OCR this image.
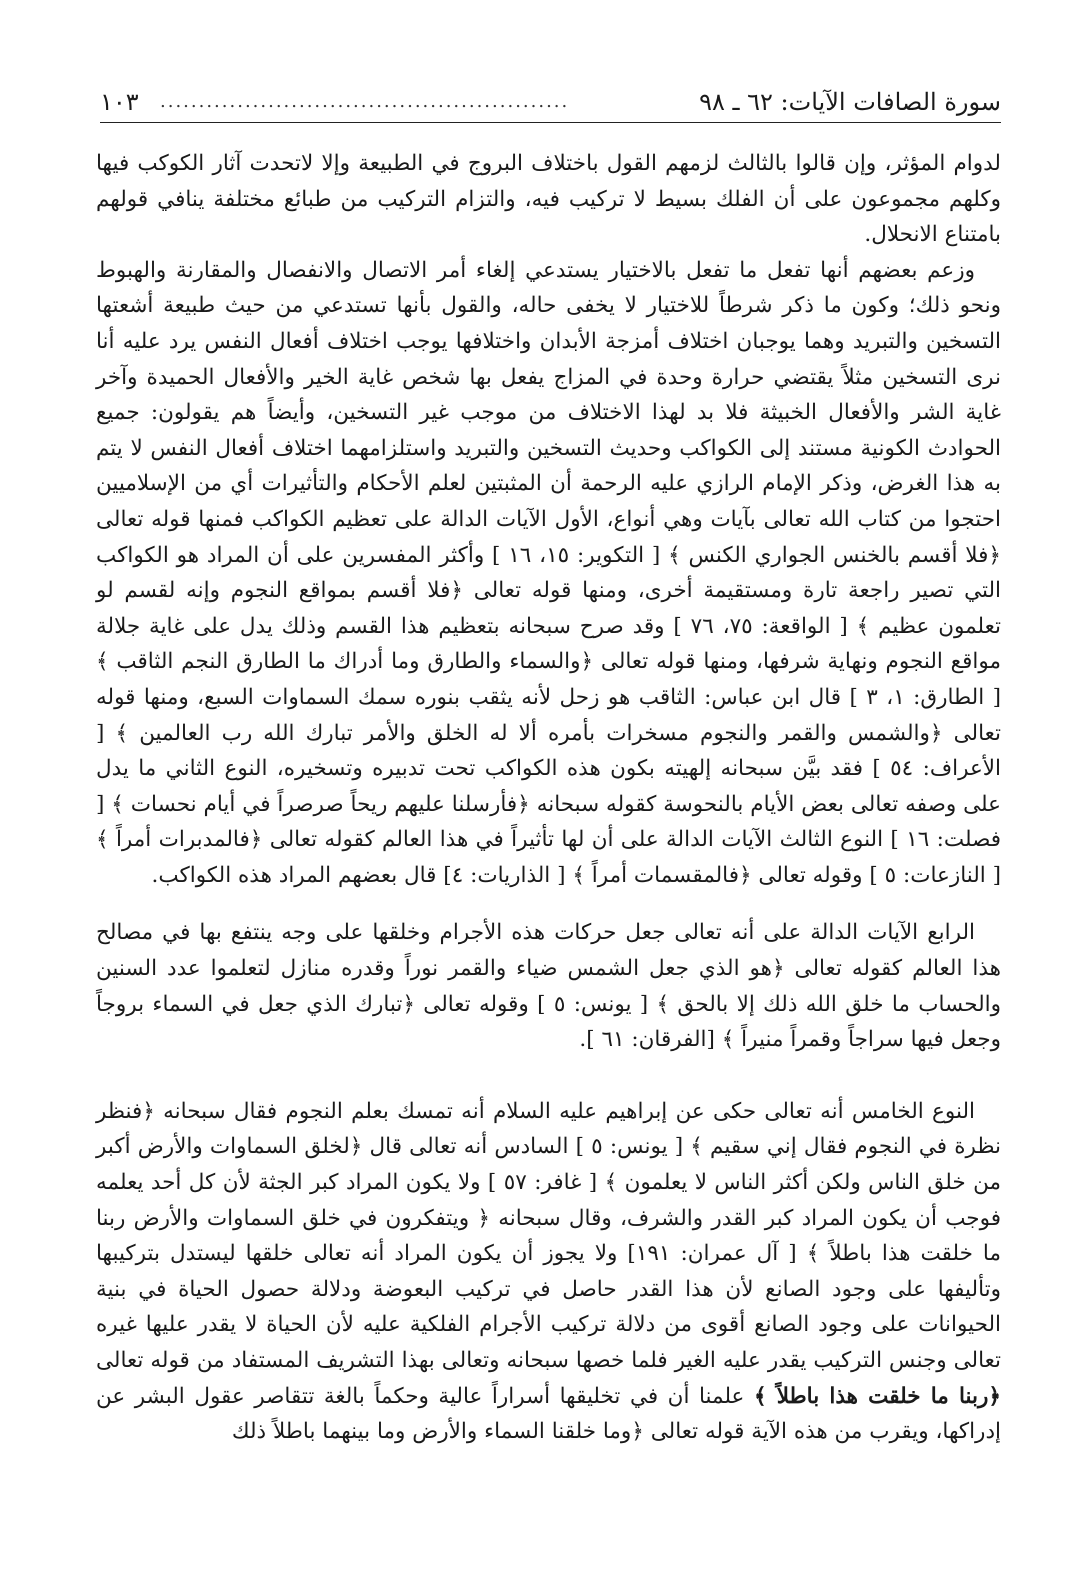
سورة الصافات الآيات: ٦٢ ـ ٩٨
.....................................................
١٠٣

لدوام المؤثر، وإن قالوا بالثالث لزمهم القول باختلاف البروج في الطبيعة وإلا لاتحدت آثار الكوكب فيها وكلهم مجموعون على أن الفلك بسيط لا تركيب فيه، والتزام التركيب من طبائع مختلفة ينافي قولهم بامتناع الانحلال.

وزعم بعضهم أنها تفعل ما تفعل بالاختيار يستدعي إلغاء أمر الاتصال والانفصال والمقارنة والهبوط ونحو ذلك؛ وكون ما ذكر شرطاً للاختيار لا يخفى حاله، والقول بأنها تستدعي من حيث طبيعة أشعتها التسخين والتبريد وهما يوجبان اختلاف أمزجة الأبدان واختلافها يوجب اختلاف أفعال النفس يرد عليه أنا نرى التسخين مثلاً يقتضي حرارة وحدة في المزاج يفعل بها شخص غاية الخير والأفعال الحميدة وآخر غاية الشر والأفعال الخبيثة فلا بد لهذا الاختلاف من موجب غير التسخين، وأيضاً هم يقولون: جميع الحوادث الكونية مستند إلى الكواكب وحديث التسخين والتبريد واستلزامهما اختلاف أفعال النفس لا يتم به هذا الغرض، وذكر الإمام الرازي عليه الرحمة أن المثبتين لعلم الأحكام والتأثيرات أي من الإسلاميين احتجوا من كتاب الله تعالى بآيات وهي أنواع، الأول الآيات الدالة على تعظيم الكواكب فمنها قوله تعالى ﴿فلا أقسم بالخنس الجواري الكنس ﴾ [ التكوير: ١٥، ١٦ ] وأكثر المفسرين على أن المراد هو الكواكب التي تصير راجعة تارة ومستقيمة أخرى، ومنها قوله تعالى ﴿فلا أقسم بمواقع النجوم وإنه لقسم لو تعلمون عظيم ﴾ [ الواقعة: ٧٥، ٧٦ ] وقد صرح سبحانه بتعظيم هذا القسم وذلك يدل على غاية جلالة مواقع النجوم ونهاية شرفها، ومنها قوله تعالى ﴿والسماء والطارق وما أدراك ما الطارق النجم الثاقب ﴾ [ الطارق: ١، ٣ ] قال ابن عباس: الثاقب هو زحل لأنه يثقب بنوره سمك السماوات السبع، ومنها قوله تعالى ﴿والشمس والقمر والنجوم مسخرات بأمره ألا له الخلق والأمر تبارك الله رب العالمين ﴾ [ الأعراف: ٥٤ ] فقد بيَّن سبحانه إلهيته بكون هذه الكواكب تحت تدبيره وتسخيره، النوع الثاني ما يدل على وصفه تعالى بعض الأيام بالنحوسة كقوله سبحانه ﴿فأرسلنا عليهم ريحاً صرصراً في أيام نحسات ﴾ [ فصلت: ١٦ ] النوع الثالث الآيات الدالة على أن لها تأثيراً في هذا العالم كقوله تعالى ﴿فالمدبرات أمراً ﴾ [ النازعات: ٥ ] وقوله تعالى ﴿فالمقسمات أمراً ﴾ [ الذاريات: ٤] قال بعضهم المراد هذه الكواكب.

الرابع الآيات الدالة على أنه تعالى جعل حركات هذه الأجرام وخلقها على وجه ينتفع بها في مصالح هذا العالم كقوله تعالى ﴿هو الذي جعل الشمس ضياء والقمر نوراً وقدره منازل لتعلموا عدد السنين والحساب ما خلق الله ذلك إلا بالحق ﴾ [ يونس: ٥ ] وقوله تعالى ﴿تبارك الذي جعل في السماء بروجاً وجعل فيها سراجاً وقمراً منيراً ﴾ [الفرقان: ٦١ ].

النوع الخامس أنه تعالى حكى عن إبراهيم عليه السلام أنه تمسك بعلم النجوم فقال سبحانه ﴿فنظر نظرة في النجوم فقال إني سقيم ﴾ [ يونس: ٥ ] السادس أنه تعالى قال ﴿لخلق السماوات والأرض أكبر من خلق الناس ولكن أكثر الناس لا يعلمون ﴾ [ غافر: ٥٧ ] ولا يكون المراد كبر الجثة لأن كل أحد يعلمه فوجب أن يكون المراد كبر القدر والشرف، وقال سبحانه ﴿ ويتفكرون في خلق السماوات والأرض ربنا ما خلقت هذا باطلاً ﴾ [ آل عمران: ١٩١] ولا يجوز أن يكون المراد أنه تعالى خلقها ليستدل بتركيبها وتأليفها على وجود الصانع لأن هذا القدر حاصل في تركيب البعوضة ودلالة حصول الحياة في بنية الحيوانات على وجود الصانع أقوى من دلالة تركيب الأجرام الفلكية عليه لأن الحياة لا يقدر عليها غيره تعالى وجنس التركيب يقدر عليه الغير فلما خصها سبحانه وتعالى بهذا التشريف المستفاد من قوله تعالى ﴿ربنا ما خلقت هذا باطلاً ﴾ علمنا أن في تخليقها أسراراً عالية وحكماً بالغة تتقاصر عقول البشر عن إدراكها، ويقرب من هذه الآية قوله تعالى ﴿وما خلقنا السماء والأرض وما بينهما باطلاً ذلك
